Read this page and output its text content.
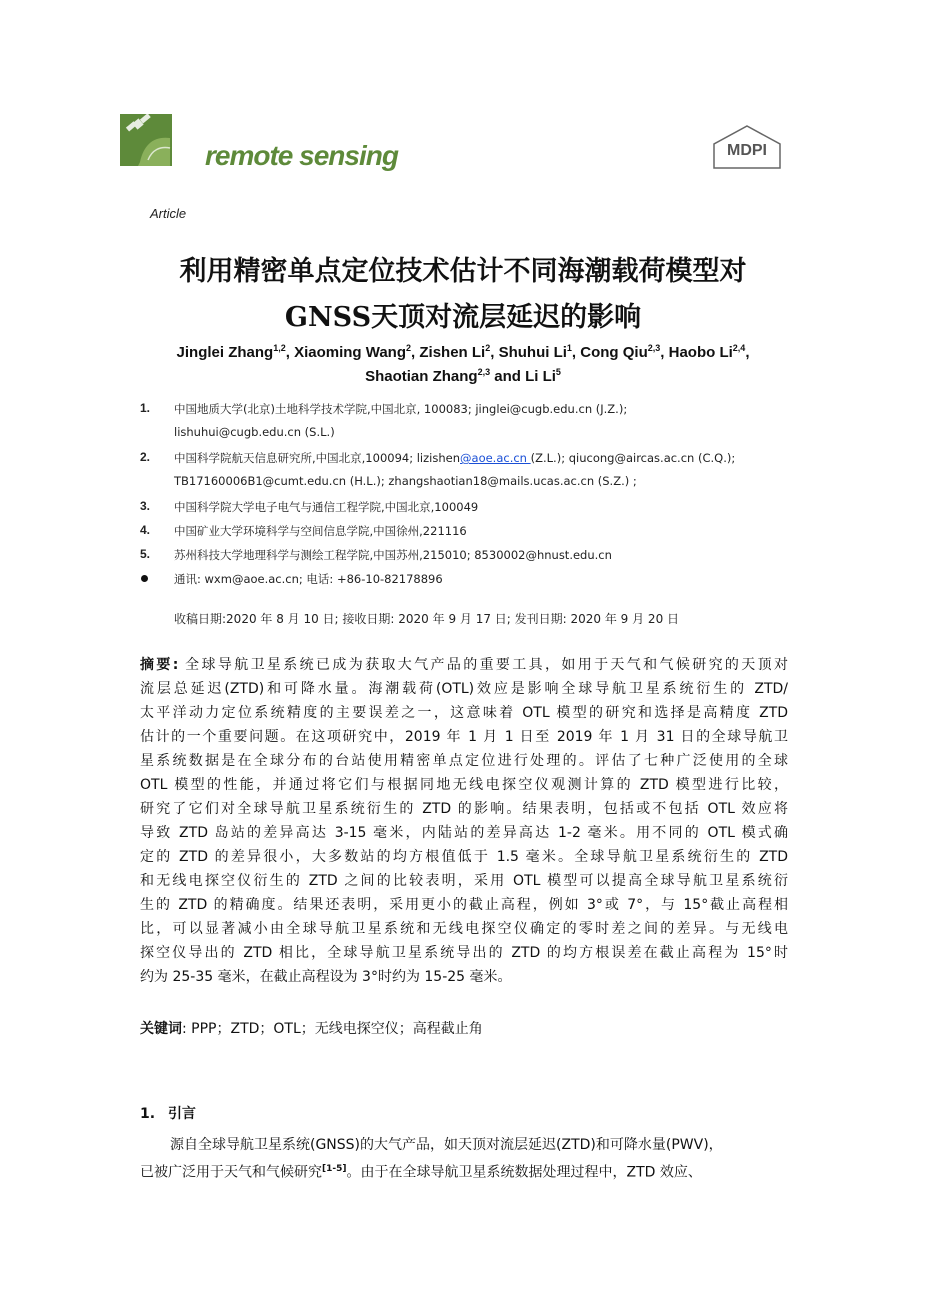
remote sensing	MDPI
Article
利用精密单点定位技术估计不同海潮载荷模型对
GNSS天顶对流层延迟的影响
Jinglei Zhang$^{1,2}$, Xiaoming Wang$^2$, Zishen Li$^2$, Shuhui Li$^1$, Cong Qiu$^{2,3}$, Haobo Li$^{2,4}$,
Shaotian Zhang$^{2,3}$ and Li Li$^5$
1. 中国地质大学(北京)土地科学技术学院,中国北京, 100083; jinglei@cugb.edu.cn (J.Z.);
lishuhui@cugb.edu.cn (S.L.)
2. 中国科学院航天信息研究所,中国北京,100094; lizishen@aoe.ac.cn (Z.L.); qiucong@aircas.ac.cn (C.Q.);
TB17160006B1@cumt.edu.cn (H.L.); zhangshaotian18@mails.ucas.ac.cn (S.Z.) ;
3. 中国科学院大学电子电气与通信工程学院,中国北京,100049
4. 中国矿业大学环境科学与空间信息学院,中国徐州,221116
5. 苏州科技大学地理科学与测绘工程学院,中国苏州,215010; 8530002@hnust.edu.cn
通讯: wxm@aoe.ac.cn; 电话: +86-10-82178896
收稿日期:2020 年 8 月 10 日; 接收日期: 2020 年 9 月 17 日; 发刊日期: 2020 年 9 月 20 日
摘要: 全球导航卫星系统已成为获取大气产品的重要工具，如用于天气和气候研究的天顶对
流层总延迟(ZTD)和可降水量。海潮载荷(OTL)效应是影响全球导航卫星系统衍生的 ZTD/
太平洋动力定位系统精度的主要误差之一，这意味着 OTL 模型的研究和选择是高精度 ZTD
估计的一个重要问题。在这项研究中，2019 年 1 月 1 日至 2019 年 1 月 31 日的全球导航卫
星系统数据是在全球分布的台站使用精密单点定位进行处理的。评估了七种广泛使用的全球
OTL 模型的性能，并通过将它们与根据同地无线电探空仪观测计算的 ZTD 模型进行比较，
研究了它们对全球导航卫星系统衍生的 ZTD 的影响。结果表明，包括或不包括 OTL 效应将
导致 ZTD 岛站的差异高达 3-15 毫米，内陆站的差异高达 1-2 毫米。用不同的 OTL 模式确
定的 ZTD 的差异很小，大多数站的均方根值低于 1.5 毫米。全球导航卫星系统衍生的 ZTD
和无线电探空仪衍生的 ZTD 之间的比较表明，采用 OTL 模型可以提高全球导航卫星系统衍
生的 ZTD 的精确度。结果还表明，采用更小的截止高程，例如 3°或 7°，与 15°截止高程相
比，可以显著减小由全球导航卫星系统和无线电探空仪确定的零时差之间的差异。与无线电
探空仪导出的 ZTD 相比，全球导航卫星系统导出的 ZTD 的均方根误差在截止高程为 15°时
约为 25-35 毫米，在截止高程设为 3°时约为 15-25 毫米。
关键词: PPP；ZTD；OTL；无线电探空仪；高程截止角
1. 引言
源自全球导航卫星系统(GNSS)的大气产品，如天顶对流层延迟(ZTD)和可降水量(PWV)，
已被广泛用于天气和气候研究[1-5]。由于在全球导航卫星系统数据处理过程中，ZTD 效应、
